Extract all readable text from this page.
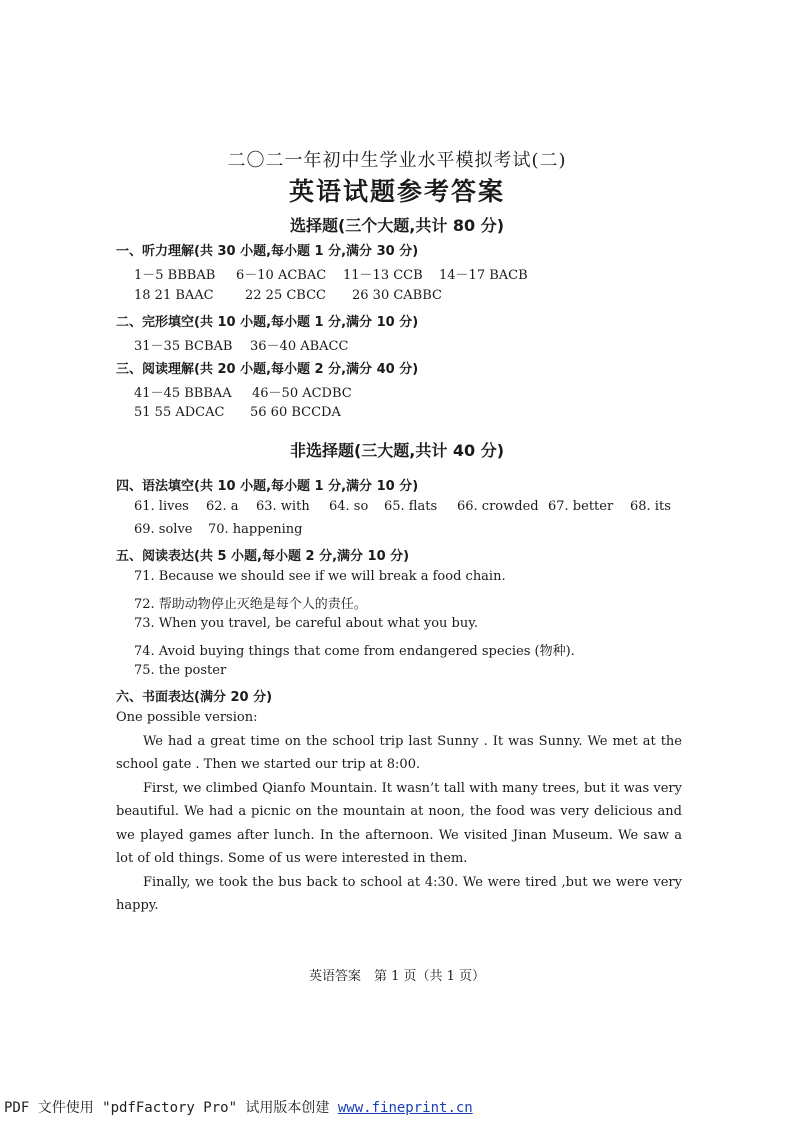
二〇二一年初中生学业水平模拟考试(二)
英语试题参考答案
选择题(三个大题,共计 80 分)
一、听力理解(共 30 小题,每小题 1 分,满分 30 分)
1－5 BBBAB 6－10 ACBAC 11－13 CCB 14－17 BACB
18 21 BAAC 22 25 CBCC 26 30 CABBC
二、完形填空(共 10 小题,每小题 1 分,满分 10 分)
31－35 BCBAB 36－40 ABACC
三、阅读理解(共 20 小题,每小题 2 分,满分 40 分)
41－45 BBBAA 46－50 ACDBC
51 55 ADCAC 56 60 BCCDA
非选择题(三大题,共计 40 分)
四、语法填空(共 10 小题,每小题 1 分,满分 10 分)
61. lives 62. a 63. with 64. so 65. flats 66. crowded 67. better 68. its
69. solve 70. happening
五、阅读表达(共 5 小题,每小题 2 分,满分 10 分)
71. Because we should see if we will break a food chain.
72. 帮助动物停止灭绝是每个人的责任。
73. When you travel, be careful about what you buy.
74. Avoid buying things that come from endangered species (物种).
75. the poster
六、书面表达(满分 20 分)

One possible version:

We had a great time on the school trip last Sunny . It was Sunny. We met at the school gate . Then we started our trip at 8:00.

First, we climbed Qianfo Mountain. It wasn’t tall with many trees, but it was very beautiful. We had a picnic on the mountain at noon, the food was very delicious and we played games after lunch. In the afternoon. We visited Jinan Museum. We saw a lot of old things. Some of us were interested in them.

Finally, we took the bus back to school at 4:30. We were tired ,but we were very happy.

英语答案　第 1 页（共 1 页）
PDF 文件使用 "pdfFactory Pro" 试用版本创建 www.fineprint.cn
